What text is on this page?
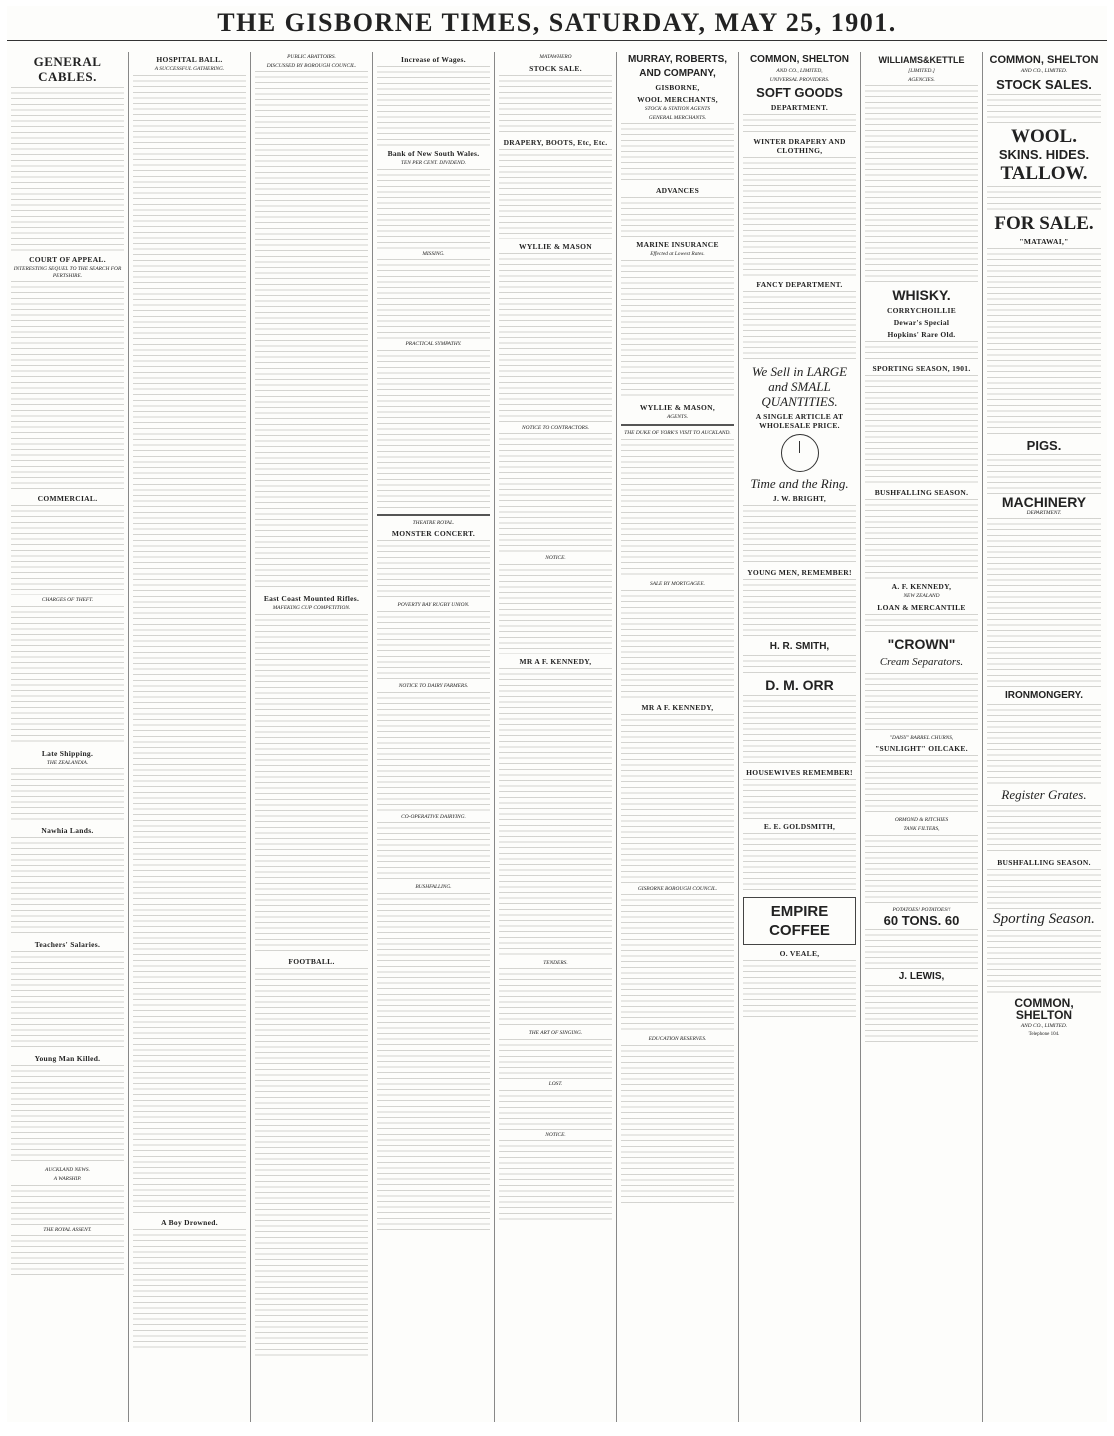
THE GISBORNE TIMES, SATURDAY, MAY 25, 1901.
GENERAL CABLES.
COURT OF APPEAL.
INTERESTING SEQUEL TO THE SEARCH FOR PERTSHIRE.
COMMERCIAL.
CHARGES OF THEFT.
Late Shipping.
THE ZEALANDIA.
Nawhia Lands.
Teachers' Salaries.
Young Man Killed.
AUCKLAND NEWS.
A WARSHIP.
THE ROYAL ASSENT.
HOSPITAL BALL.
A SUCCESSFUL GATHERING.
A Boy Drowned.
PUBLIC ABATTOIRS.
DISCUSSED BY BOROUGH COUNCIL.
East Coast Mounted Rifles.
MAFEKING CUP COMPETITION.
FOOTBALL.
Increase of Wages.
Bank of New South Wales.
TEN PER CENT. DIVIDEND.
MISSING.
PRACTICAL SYMPATHY.
THEATRE ROYAL.
MONSTER CONCERT.
POVERTY BAY RUGBY UNION.
NOTICE TO DAIRY FARMERS.
CO-OPERATIVE DAIRYING.
BUSHFALLING.
MATAWHERO
STOCK SALE.
DRAPERY, BOOTS, Etc, Etc.
WYLLIE & MASON
NOTICE TO CONTRACTORS.
NOTICE.
MR A F. KENNEDY,
TENDERS.
THE ART OF SINGING.
LOST.
NOTICE.
MURRAY, ROBERTS,
AND COMPANY,
GISBORNE,
WOOL MERCHANTS,
STOCK & STATION AGENTS
GENERAL MERCHANTS.
ADVANCES
MARINE INSURANCE
Effected at Lowest Rates.
WYLLIE & MASON,
AGENTS.
THE DUKE OF YORK'S VISIT TO AUCKLAND.
SALE BY MORTGAGEE.
MR A F. KENNEDY,
GISBORNE BOROUGH COUNCIL.
EDUCATION RESERVES.
COMMON, SHELTON
AND CO., LIMITED,
UNIVERSAL PROVIDERS.
SOFT GOODS
DEPARTMENT.
WINTER DRAPERY AND CLOTHING,
FANCY DEPARTMENT.
We Sell in LARGE and SMALL QUANTITIES.
A SINGLE ARTICLE AT WHOLESALE PRICE.
Time and the Ring.
J. W. BRIGHT,
YOUNG MEN, REMEMBER!
H. R. SMITH,
D. M. ORR
HOUSEWIVES REMEMBER!
E. E. GOLDSMITH,
EMPIRE
COFFEE
O. VEALE,
WILLIAMS&KETTLE
[LIMITED.]
AGENCIES.
WHISKY.
CORRYCHOILLIE
Dewar's Special
Hopkins' Rare Old.
SPORTING SEASON, 1901.
BUSHFALLING SEASON.
A. F. KENNEDY,
NEW ZEALAND
LOAN & MERCANTILE
"CROWN"
Cream Separators.
"DAISY" BARREL CHURNS,
"SUNLIGHT" OILCAKE.
ORMOND & RITCHIES
TANK FILTERS,
POTATOES! POTATOES!!
60 TONS. 60
J. LEWIS,
COMMON, SHELTON
AND CO., LIMITED.
STOCK SALES.
WOOL.
SKINS. HIDES.
TALLOW.
FOR SALE.
"MATAWAI,"
PIGS.
MACHINERY
DEPARTMENT.
IRONMONGERY.
Register Grates.
BUSHFALLING SEASON.
Sporting Season.
COMMON, SHELTON
AND CO., LIMITED.
Telephone 104.
